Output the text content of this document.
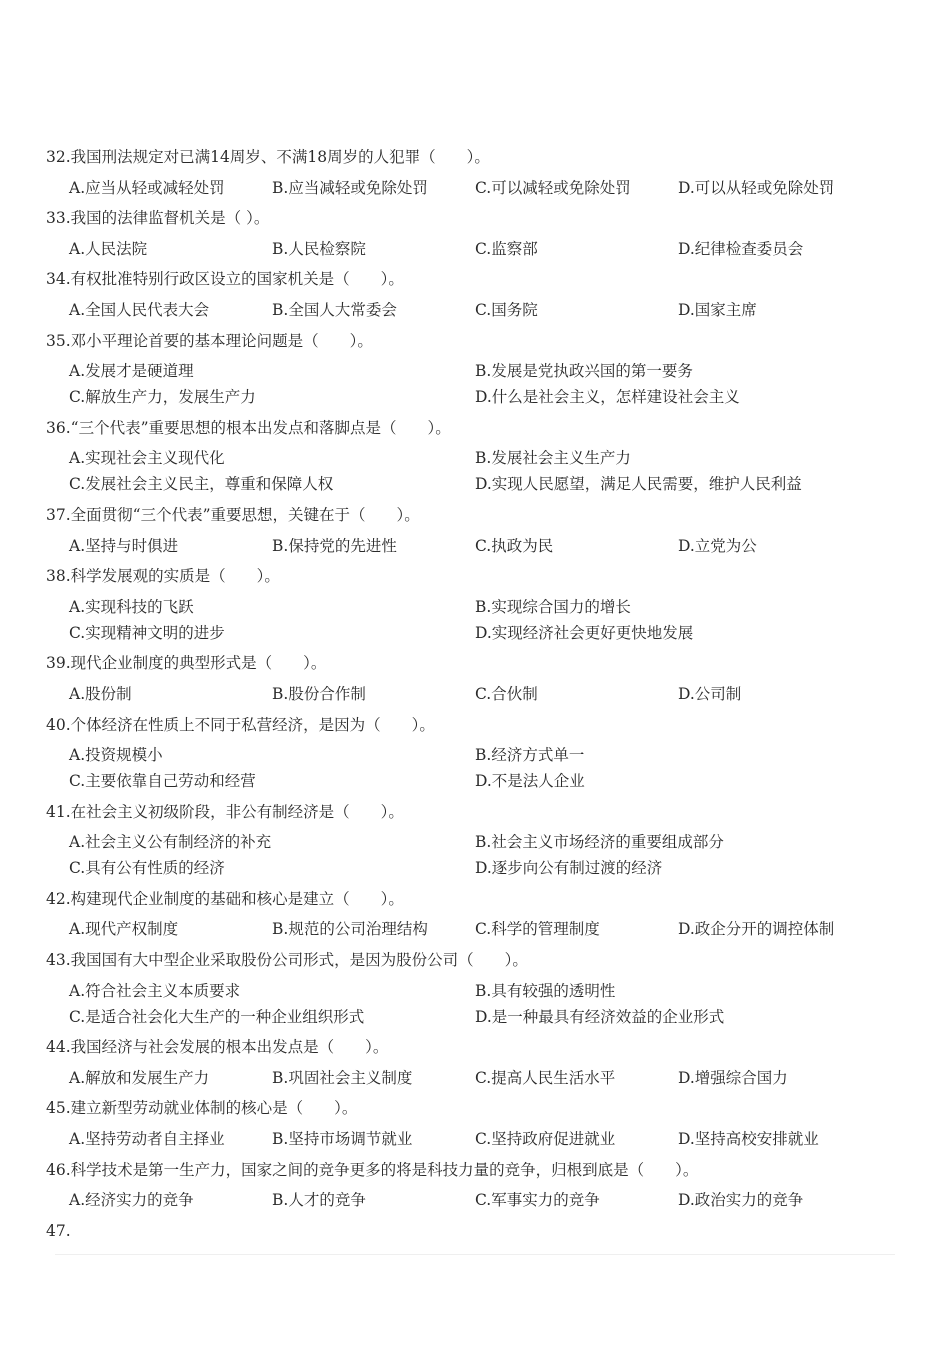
32.我国刑法规定对已满14周岁、不满18周岁的人犯罪（　　）。
A.应当从轻或减轻处罚	B.应当减轻或免除处罚	C.可以减轻或免除处罚	D.可以从轻或免除处罚
33.我国的法律监督机关是（ ）。
A.人民法院	B.人民检察院	C.监察部	D.纪律检查委员会
34.有权批准特别行政区设立的国家机关是（　　）。
A.全国人民代表大会	B.全国人大常委会	C.国务院	D.国家主席
35.邓小平理论首要的基本理论问题是（　　）。
A.发展才是硬道理	B.发展是党执政兴国的第一要务
C.解放生产力，发展生产力	D.什么是社会主义，怎样建设社会主义
36.“三个代表”重要思想的根本出发点和落脚点是（　　）。
A.实现社会主义现代化	B.发展社会主义生产力
C.发展社会主义民主，尊重和保障人权	D.实现人民愿望，满足人民需要，维护人民利益
37.全面贯彻“三个代表”重要思想，关键在于（　　）。
A.坚持与时俱进	B.保持党的先进性	C.执政为民	D.立党为公
38.科学发展观的实质是（　　）。
A.实现科技的飞跃	B.实现综合国力的增长
C.实现精神文明的进步	D.实现经济社会更好更快地发展
39.现代企业制度的典型形式是（　　）。
A.股份制	B.股份合作制	C.合伙制	D.公司制
40.个体经济在性质上不同于私营经济，是因为（　　）。
A.投资规模小	B.经济方式单一
C.主要依靠自己劳动和经营	D.不是法人企业
41.在社会主义初级阶段，非公有制经济是（　　）。
A.社会主义公有制经济的补充	B.社会主义市场经济的重要组成部分
C.具有公有性质的经济	D.逐步向公有制过渡的经济
42.构建现代企业制度的基础和核心是建立（　　）。
A.现代产权制度	B.规范的公司治理结构	C.科学的管理制度	D.政企分开的调控体制
43.我国国有大中型企业采取股份公司形式，是因为股份公司（　　）。
A.符合社会主义本质要求	B.具有较强的透明性
C.是适合社会化大生产的一种企业组织形式	D.是一种最具有经济效益的企业形式
44.我国经济与社会发展的根本出发点是（　　）。
A.解放和发展生产力	B.巩固社会主义制度	C.提高人民生活水平	D.增强综合国力
45.建立新型劳动就业体制的核心是（　　）。
A.坚持劳动者自主择业	B.坚持市场调节就业	C.坚持政府促进就业	D.坚持高校安排就业
46.科学技术是第一生产力，国家之间的竞争更多的将是科技力量的竞争，归根到底是（　　）。
A.经济实力的竞争	B.人才的竞争	C.军事实力的竞争	D.政治实力的竞争
47.
